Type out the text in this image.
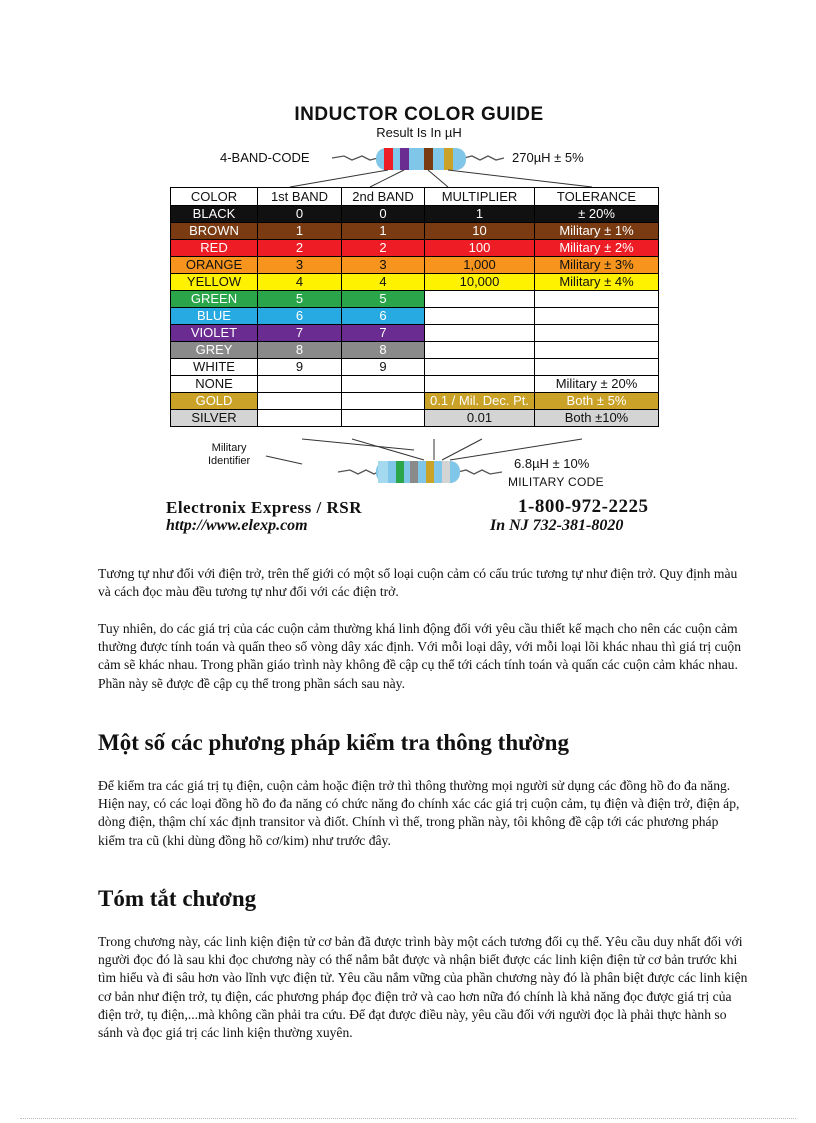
INDUCTOR COLOR GUIDE
Result Is In µH
4-BAND-CODE	270µH ± 5%
COLOR	1st BAND	2nd BAND	MULTIPLIER	TOLERANCE
BLACK	0	0	1	± 20%
BROWN	1	1	10	Military ± 1%
RED	2	2	100	Military ± 2%
ORANGE	3	3	1,000	Military ± 3%
YELLOW	4	4	10,000	Military ± 4%
GREEN	5	5		
BLUE	6	6		
VIOLET	7	7		
GREY	8	8		
WHITE	9	9		
NONE				Military ± 20%
GOLD			0.1 / Mil. Dec. Pt.	Both ± 5%
SILVER			0.01	Both ±10%
Military
Identifier	6.8µH ± 10%
MILITARY CODE
Electronix Express / RSR
http://www.elexp.com
1-800-972-2225
In NJ 732-381-8020

Tương tự như đối với điện trở, trên thế giới có một số loại cuộn cảm có cấu trúc tương tự như điện trở. Quy định màu và cách đọc màu đều tương tự như đối với các điện trở.

Tuy nhiên, do các giá trị của các cuộn cảm thường khá linh động đối với yêu cầu thiết kế mạch cho nên các cuộn cảm thường được tính toán và quấn theo số vòng dây xác định. Với mỗi loại dây, với mỗi loại lõi khác nhau thì giá trị cuộn cảm sẽ khác nhau. Trong phần giáo trình này không đề cập cụ thể tới cách tính toán và quấn các cuộn cảm khác nhau. Phần này sẽ được đề cập cụ thể trong phần sách sau này.

Một số các phương pháp kiểm tra thông thường

Để kiểm tra các giá trị tụ điện, cuộn cảm hoặc điện trở thì thông thường mọi người sử dụng các đồng hồ đo đa năng. Hiện nay, có các loại đồng hồ đo đa năng có chức năng đo chính xác các giá trị cuộn cảm, tụ điện và điện trở, điện áp, dòng điện, thậm chí xác định transitor và điốt. Chính vì thế, trong phần này, tôi không đề cập tới các phương pháp kiểm tra cũ (khi dùng đồng hồ cơ/kim) như trước đây.

Tóm tắt chương

Trong chương này, các linh kiện điện tử cơ bản đã được trình bày một cách tương đối cụ thể. Yêu cầu duy nhất đối với người đọc đó là sau khi đọc chương này có thể nắm bắt được và nhận biết được các linh kiện điện tử cơ bản trước khi tìm hiểu và đi sâu hơn vào lĩnh vực điện tử. Yêu cầu nắm vững của phần chương này đó là phân biệt được các linh kiện cơ bản như điện trở, tụ điện, các phương pháp đọc điện trở và cao hơn nữa đó chính là khả năng đọc được giá trị của điện trở, tụ điện,...mà không cần phải tra cứu. Để đạt được điều này, yêu cầu đối với người đọc là phải thực hành so sánh và đọc giá trị các linh kiện thường xuyên.
